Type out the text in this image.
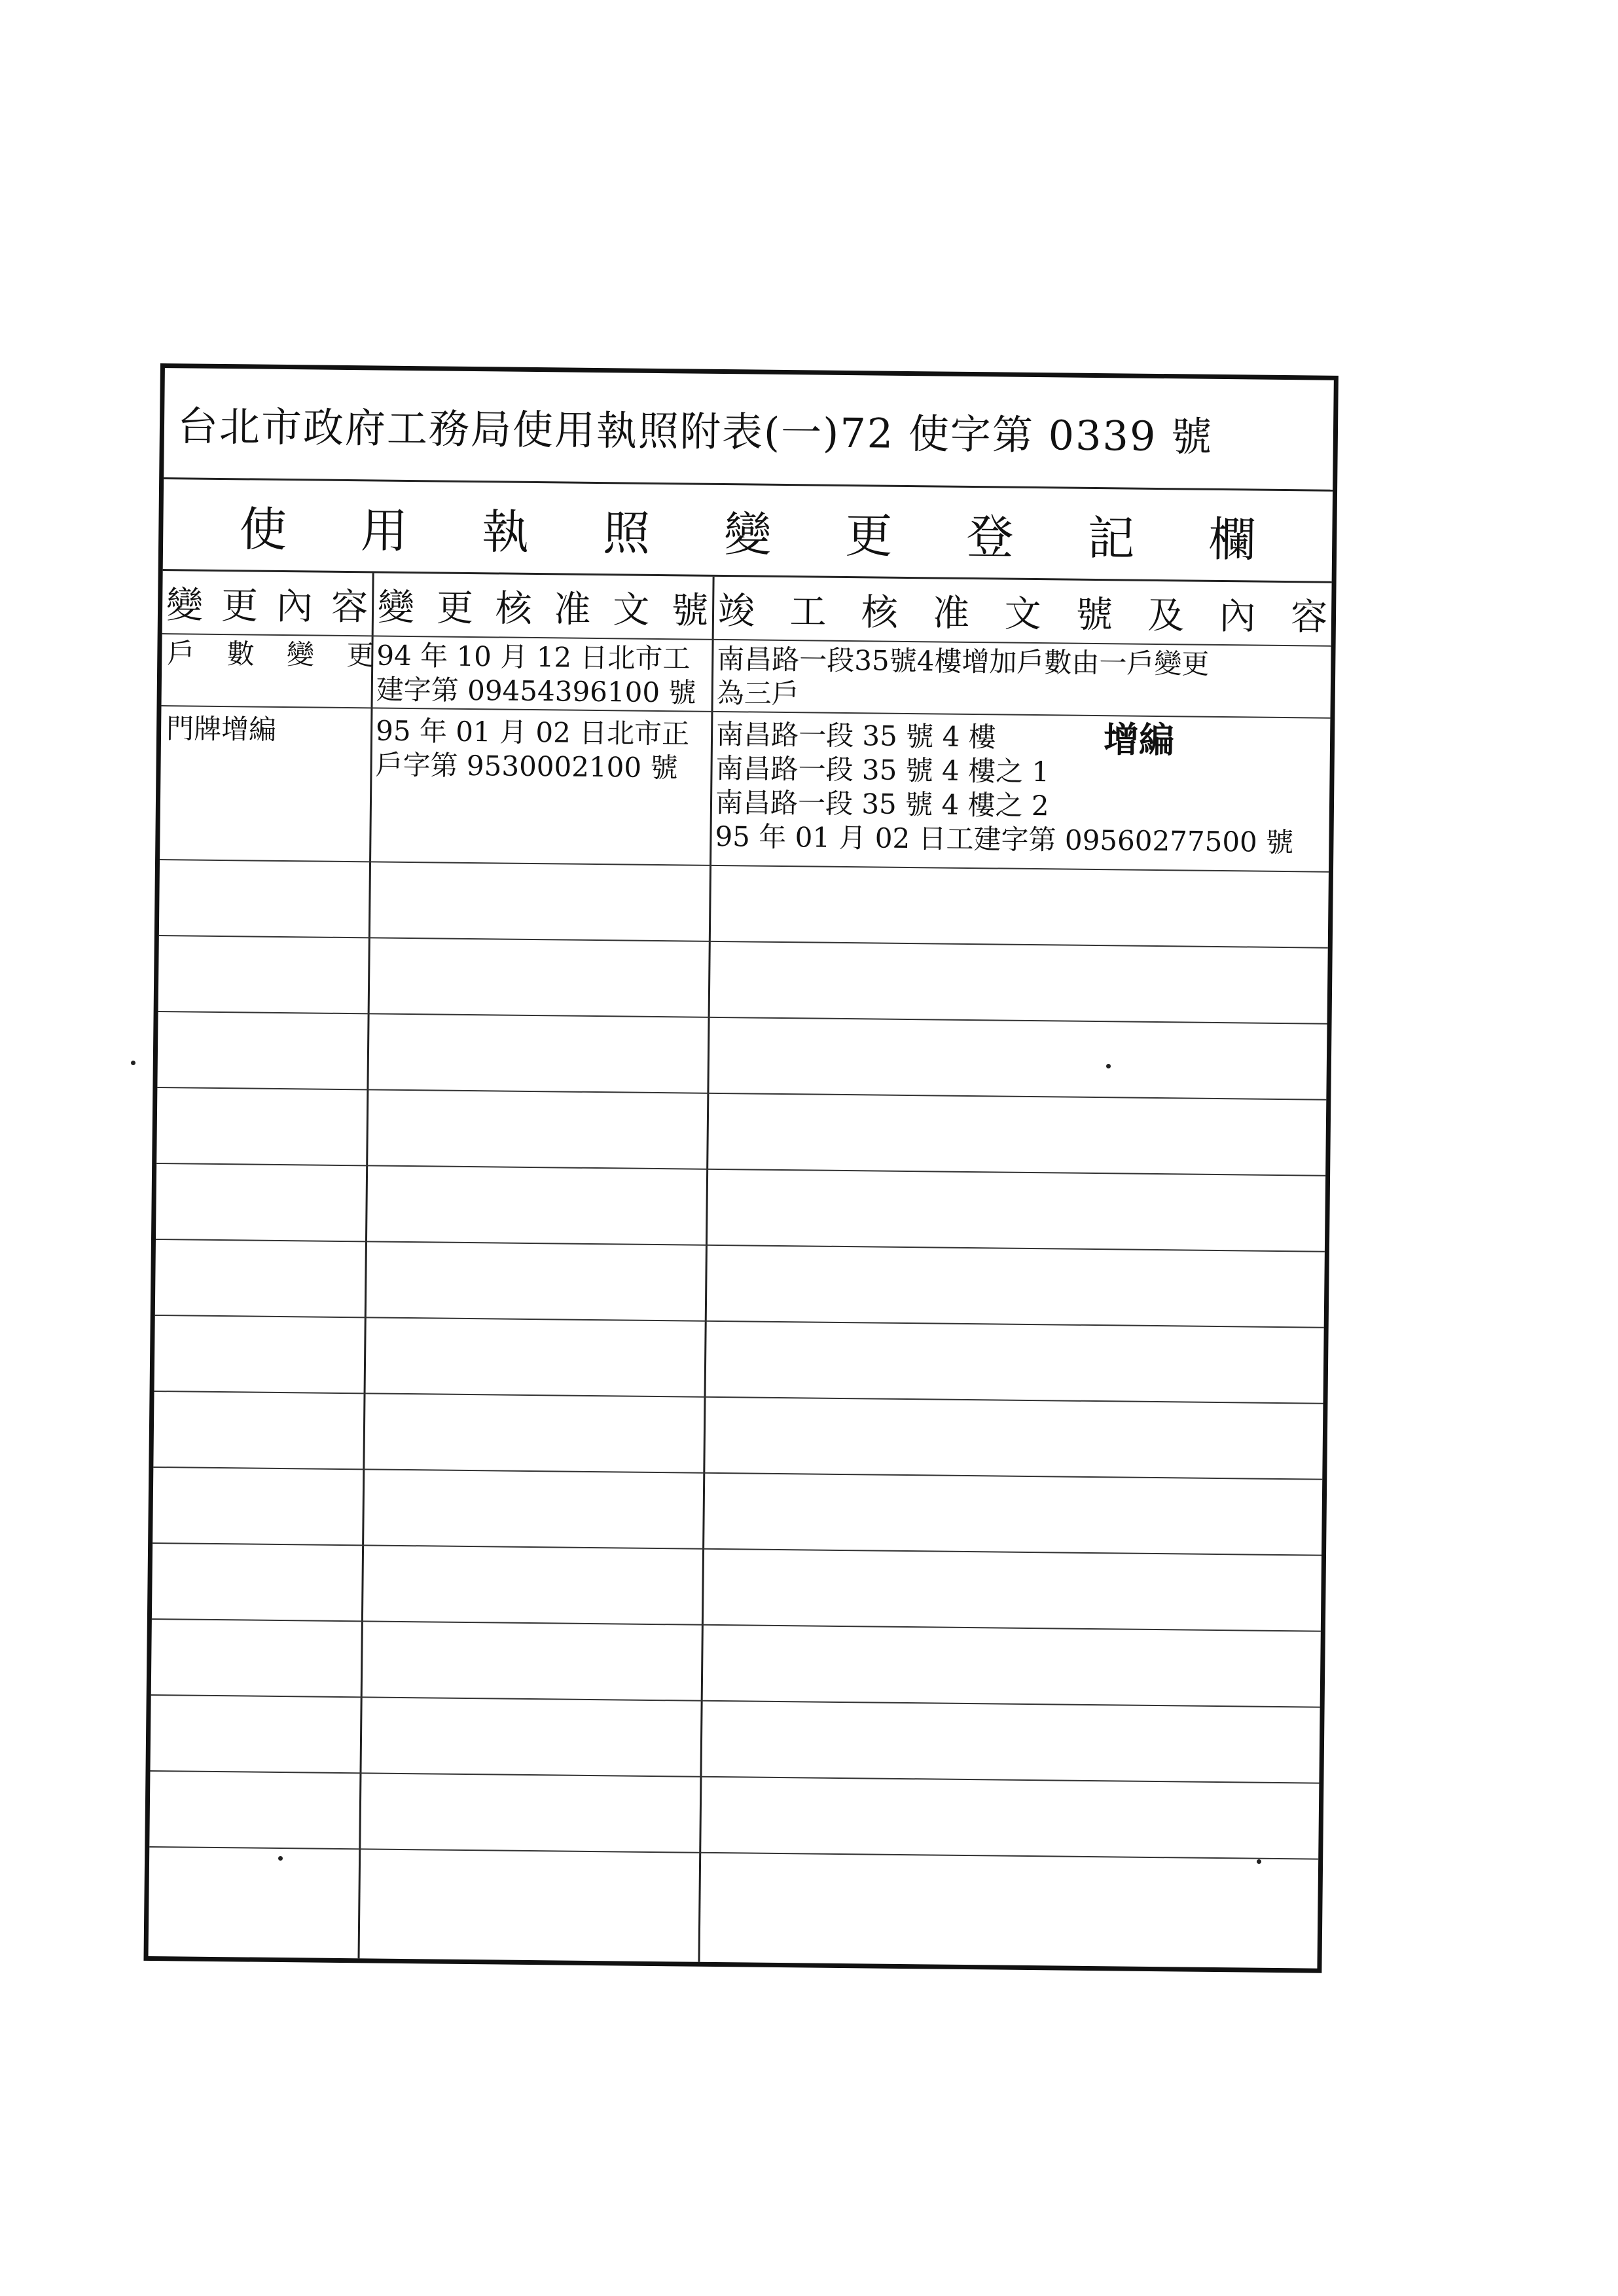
台北市政府工務局使用執照附表(一)72 使字第 0339 號
使 用 執 照 變 更 登 記 欄
變 更 內 容 變 更 核 准 文 號 竣 工 核 准 文 號 及 內 容
戶 數 變 更
94 年 10 月 12 日北市工
建字第 09454396100 號
南昌路一段35號4樓增加戶數由一戶變更
為三戶
門牌增編	95 年 01 月 02 日北市正
戶字第 9530002100 號
南昌路一段 35 號 4 樓
南昌路一段 35 號 4 樓之 1
南昌路一段 35 號 4 樓之 2
95 年 01 月 02 日工建字第 09560277500 號
增編
